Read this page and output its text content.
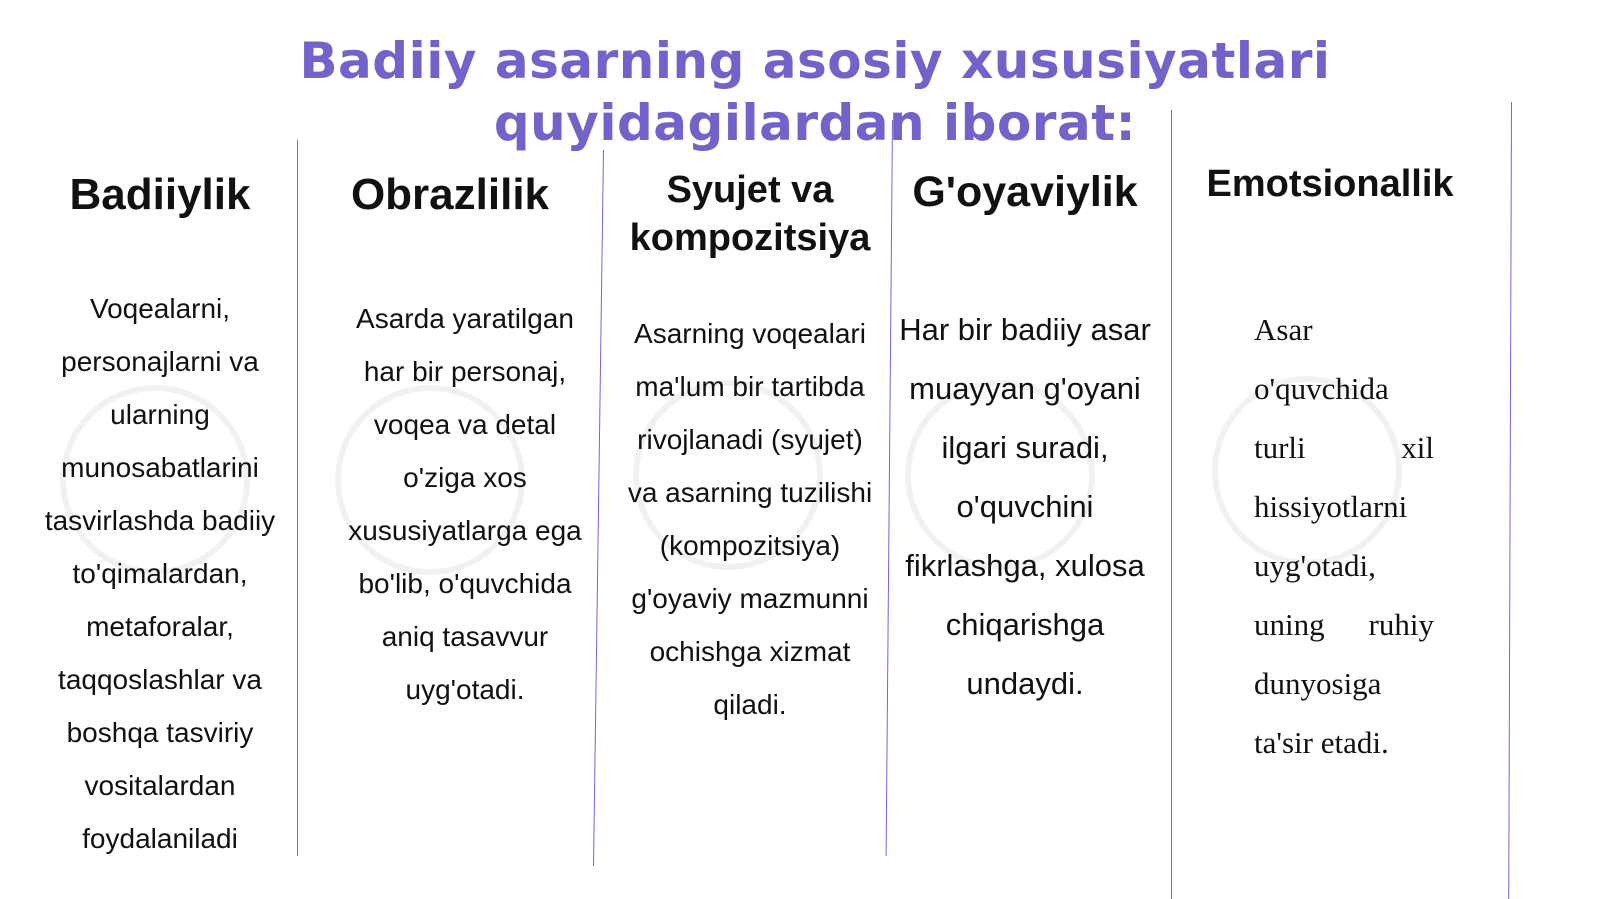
Badiiy asarning asosiy xususiyatlari
quyidagilardan iborat:
Badiiylik

Voqealarni, personajlarni va ularning munosabatlarini tasvirlashda badiiy to'qimalardan, metaforalar, taqqoslashlar va boshqa tasviriy vositalardan foydalaniladi

Obrazlilik

Asarda yaratilgan har bir personaj, voqea va detal o'ziga xos xususiyatlarga ega bo'lib, o'quvchida aniq tasavvur uyg'otadi.

Syujet va kompozitsiya

Asarning voqealari ma'lum bir tartibda rivojlanadi (syujet) va asarning tuzilishi (kompozitsiya) g'oyaviy mazmunni ochishga xizmat qiladi.

G'oyaviylik

Har bir badiiy asar muayyan g'oyani ilgari suradi, o'quvchini fikrlashga, xulosa chiqarishga undaydi.

Emotsionallik

Asar
o'quvchida turli xil hissiyotlarni uyg'otadi, uning ruhiy dunyosiga ta'sir etadi.
